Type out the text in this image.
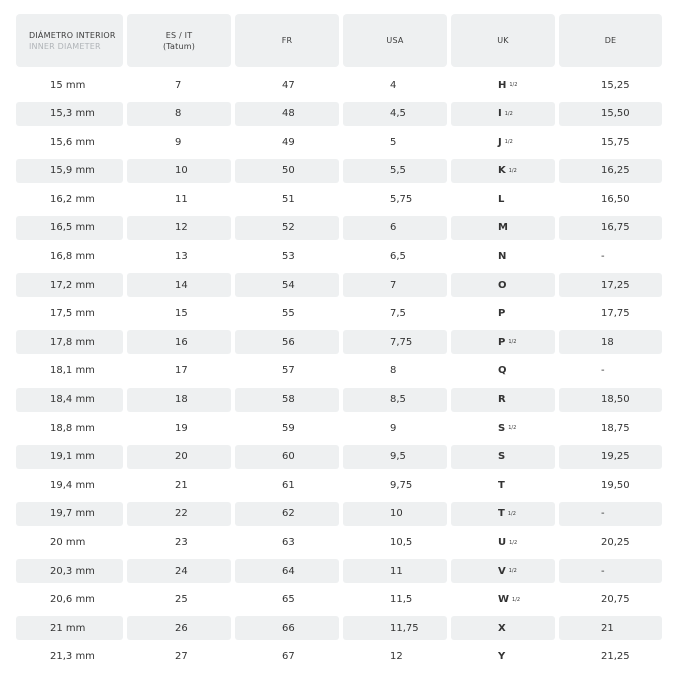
DIÁMETRO INTERIOR
INNER DIAMETER
ES / IT
(Tatum)
FR	USA	UK	DE
15 mm	7	47	4	H 1/2	15,25
15,3 mm	8	48	4,5	I 1/2	15,50
15,6 mm	9	49	5	J 1/2	15,75
15,9 mm	10	50	5,5	K 1/2	16,25
16,2 mm	11	51	5,75	L	16,50
16,5 mm	12	52	6	M	16,75
16,8 mm	13	53	6,5	N	-
17,2 mm	14	54	7	O	17,25
17,5 mm	15	55	7,5	P	17,75
17,8 mm	16	56	7,75	P 1/2	18
18,1 mm	17	57	8	Q	-
18,4 mm	18	58	8,5	R	18,50
18,8 mm	19	59	9	S 1/2	18,75
19,1 mm	20	60	9,5	S	19,25
19,4 mm	21	61	9,75	T	19,50
19,7 mm	22	62	10	T 1/2	-
20 mm	23	63	10,5	U 1/2	20,25
20,3 mm	24	64	11	V 1/2	-
20,6 mm	25	65	11,5	W 1/2	20,75
21 mm	26	66	11,75	X	21
21,3 mm	27	67	12	Y	21,25
